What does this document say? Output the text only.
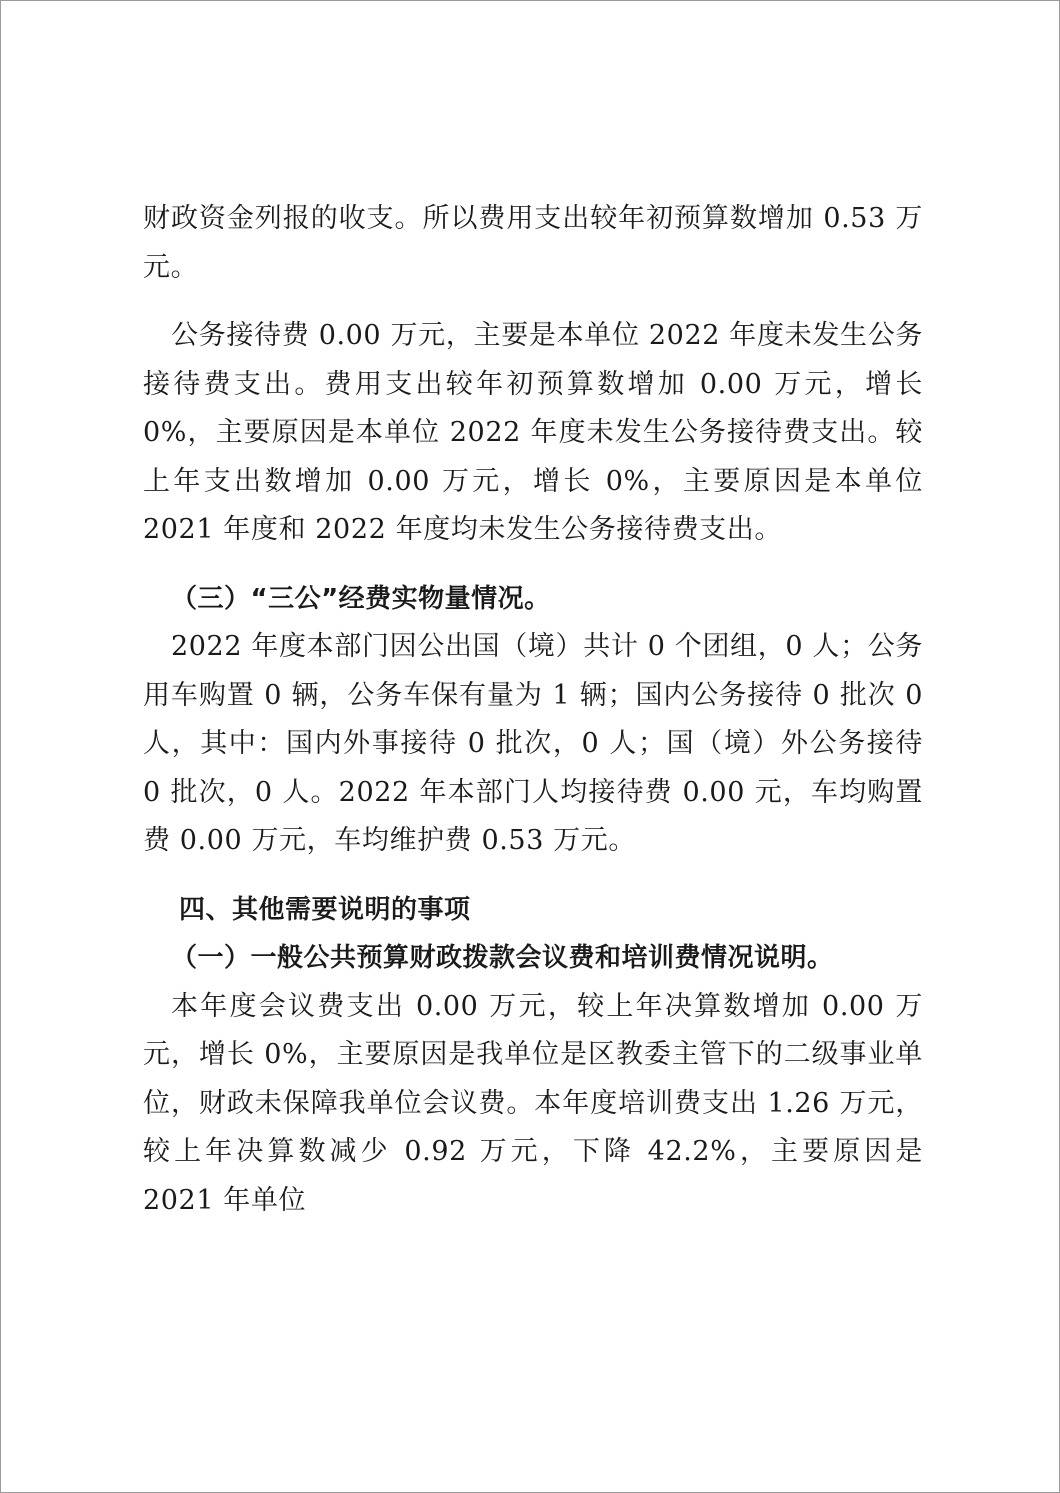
财政资金列报的收支。所以费用支出较年初预算数增加 0.53 万元。

公务接待费 0.00 万元，主要是本单位 2022 年度未发生公务接待费支出。费用支出较年初预算数增加 0.00 万元，增长 0%，主要原因是本单位 2022 年度未发生公务接待费支出。较上年支出数增加 0.00 万元，增长 0%，主要原因是本单位 2021 年度和 2022 年度均未发生公务接待费支出。

（三）“三公”经费实物量情况。

2022 年度本部门因公出国（境）共计 0 个团组，0 人；公务用车购置 0 辆，公务车保有量为 1 辆；国内公务接待 0 批次 0 人，其中：国内外事接待 0 批次，0 人；国（境）外公务接待 0 批次，0 人。2022 年本部门人均接待费 0.00 元，车均购置费 0.00 万元，车均维护费 0.53 万元。

四、其他需要说明的事项

（一）一般公共预算财政拨款会议费和培训费情况说明。

本年度会议费支出 0.00 万元，较上年决算数增加 0.00 万元，增长 0%，主要原因是我单位是区教委主管下的二级事业单位，财政未保障我单位会议费。本年度培训费支出 1.26 万元，较上年决算数减少 0.92 万元，下降 42.2%，主要原因是 2021 年单位
